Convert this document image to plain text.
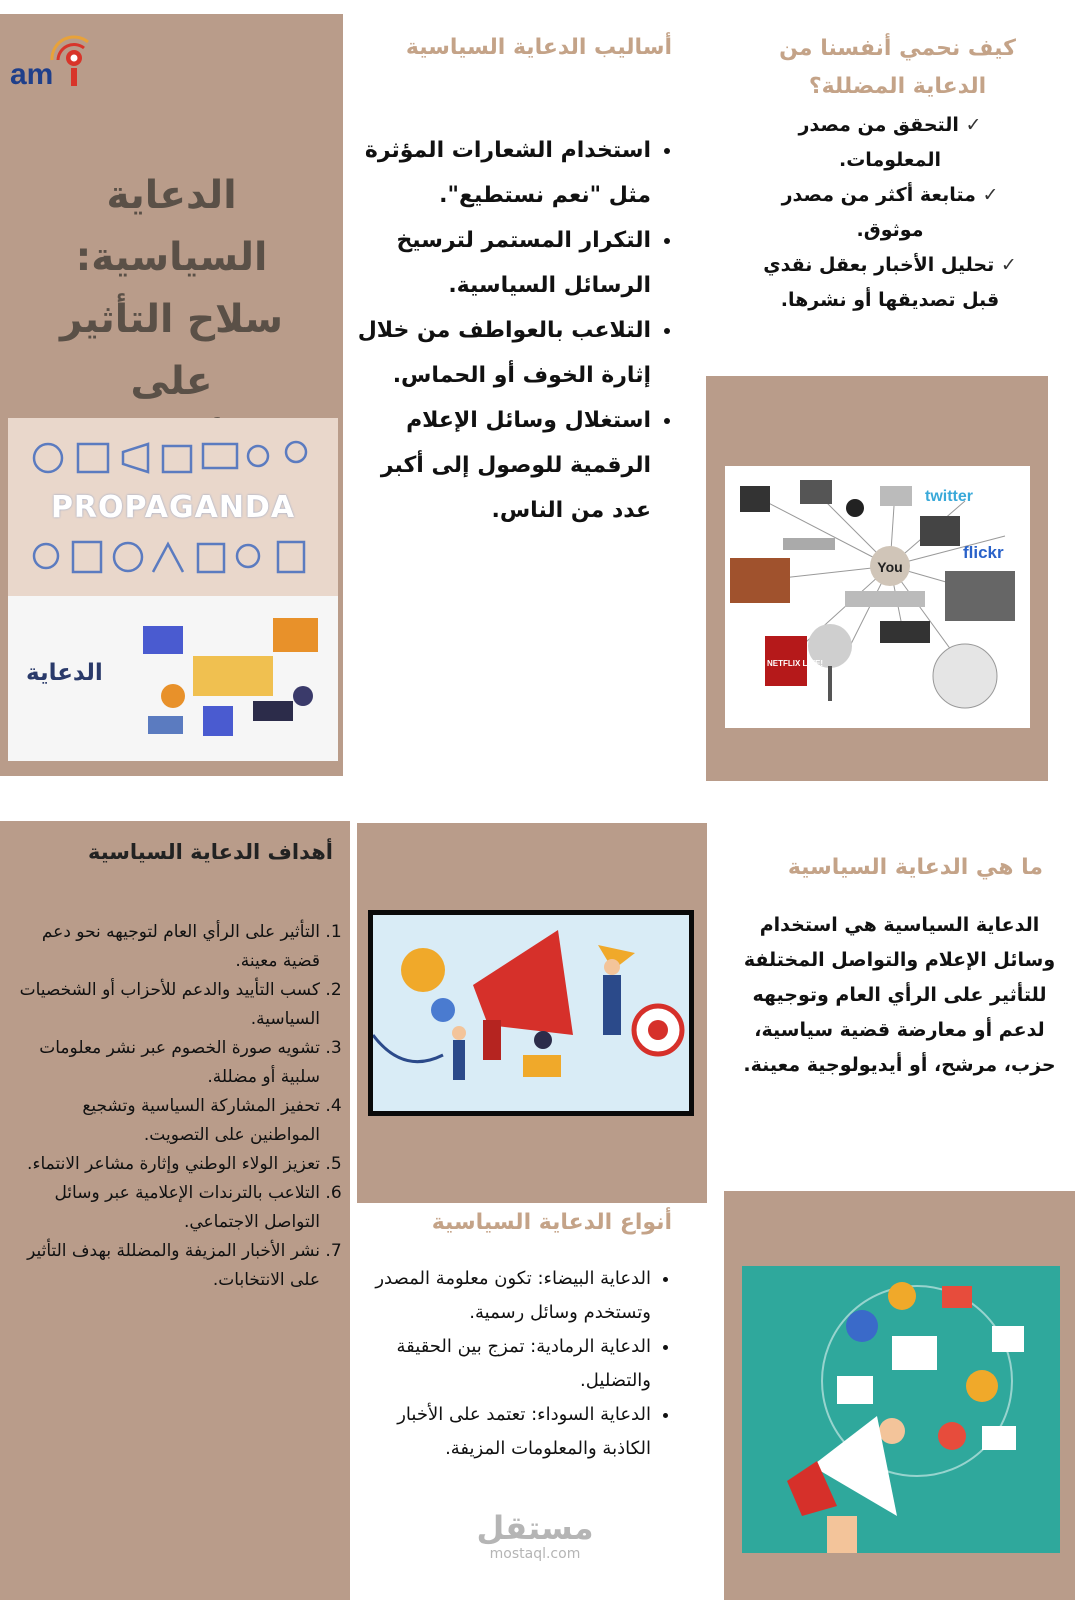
am
الدعاية السياسية:
سلاح التأثير على
PROPAGANDA
الدعاية
أساليب الدعاية السياسية
• استخدام الشعارات المؤثرة مثل "نعم نستطيع".
• التكرار المستمر لترسيخ الرسائل السياسية.
• التلاعب بالعواطف من خلال إثارة الخوف أو الحماس.
• استغلال وسائل الإعلام الرقمية للوصول إلى أكبر عدد من الناس.
كيف نحمي أنفسنا من الدعاية المضللة؟
✓ التحقق من مصدر المعلومات.
✓ متابعة أكثر من مصدر موثوق.
✓ تحليل الأخبار بعقل نقدي قبل تصديقها أو نشرها.
You
twitter
flickr
NETFLIX LIVE!
أهداف الدعاية السياسية
1. التأثير على الرأي العام لتوجيهه نحو دعم قضية معينة.
2. كسب التأييد والدعم للأحزاب أو الشخصيات السياسية.
3. تشويه صورة الخصوم عبر نشر معلومات سلبية أو مضللة.
4. تحفيز المشاركة السياسية وتشجيع المواطنين على التصويت.
5. تعزيز الولاء الوطني وإثارة مشاعر الانتماء.
6. التلاعب بالترندات الإعلامية عبر وسائل التواصل الاجتماعي.
7. نشر الأخبار المزيفة والمضللة بهدف التأثير على الانتخابات.
أنواع الدعاية السياسية
• الدعاية البيضاء: تكون معلومة المصدر وتستخدم وسائل رسمية.
• الدعاية الرمادية: تمزج بين الحقيقة والتضليل.
• الدعاية السوداء: تعتمد على الأخبار الكاذبة والمعلومات المزيفة.
ما هي الدعاية السياسية
الدعاية السياسية هي استخدام وسائل الإعلام والتواصل المختلفة للتأثير على الرأي العام وتوجيهه لدعم أو معارضة قضية سياسية، حزب، مرشح، أو أيديولوجية معينة.
مستقل
mostaql.com
